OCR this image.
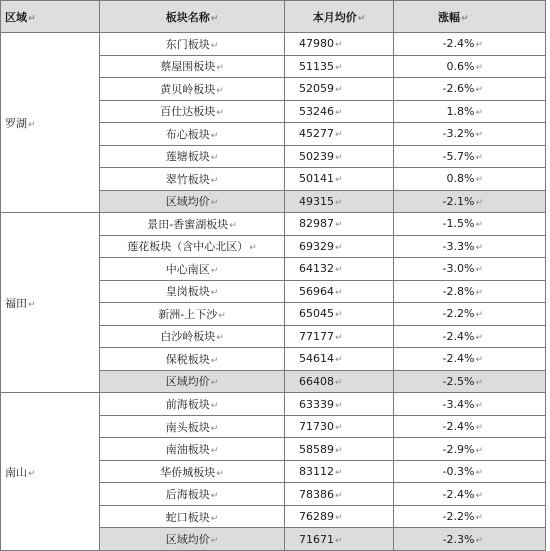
区域↵	板块名称↵	本月均价↵	涨幅↵
罗湖↵	东门板块↵	47980↵	-2.4%↵
	蔡屋围板块↵	51135↵	0.6%↵
	黄贝岭板块↵	52059↵	-2.6%↵
	百仕达板块↵	53246↵	1.8%↵
	布心板块↵	45277↵	-3.2%↵
	莲塘板块↵	50239↵	-5.7%↵
	翠竹板块↵	50141↵	0.8%↵
	区域均价↵	49315↵	-2.1%↵
福田↵	景田-香蜜湖板块↵	82987↵	-1.5%↵
	莲花板块（含中心北区）↵	69329↵	-3.3%↵
	中心南区↵	64132↵	-3.0%↵
	皇岗板块↵	56964↵	-2.8%↵
	新洲-上下沙↵	65045↵	-2.2%↵
	白沙岭板块↵	77177↵	-2.4%↵
	保税板块↵	54614↵	-2.4%↵
	区域均价↵	66408↵	-2.5%↵
南山↵	前海板块↵	63339↵	-3.4%↵
	南头板块↵	71730↵	-2.4%↵
	南油板块↵	58589↵	-2.9%↵
	华侨城板块↵	83112↵	-0.3%↵
	后海板块↵	78386↵	-2.4%↵
	蛇口板块↵	76289↵	-2.2%↵
	区域均价↵	71671↵	-2.3%↵
